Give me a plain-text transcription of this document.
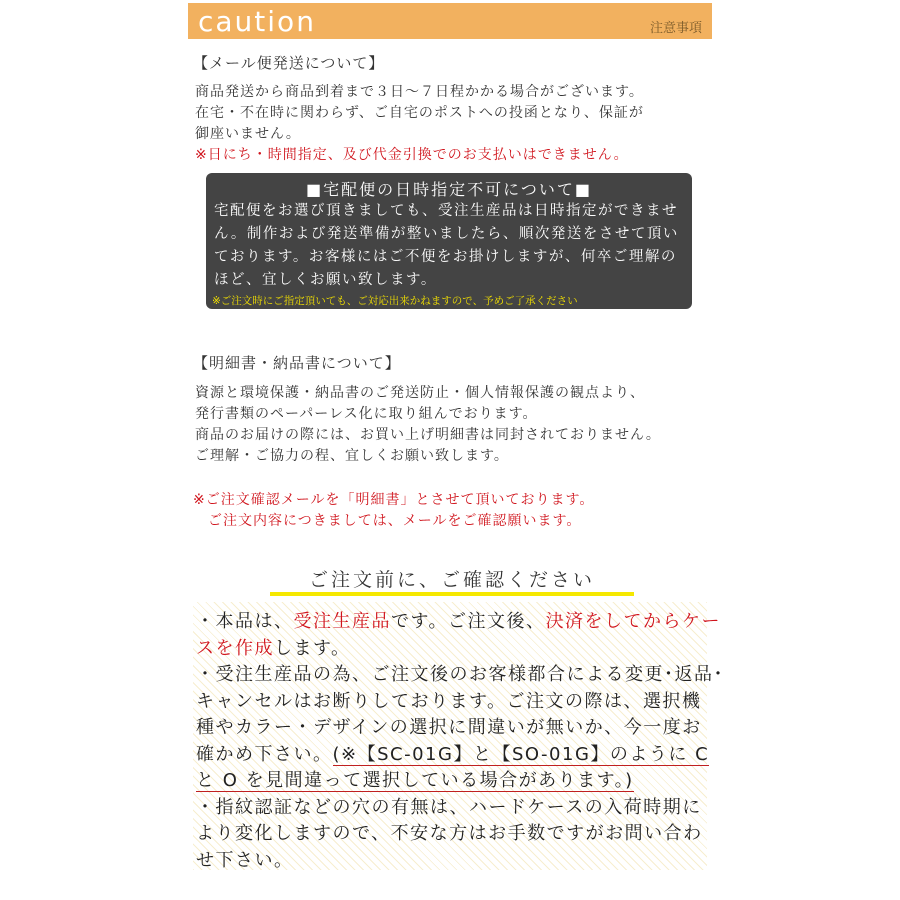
caution	注意事項
【メール便発送について】
商品発送から商品到着まで３日～７日程かかる場合がございます。
在宅・不在時に関わらず、ご自宅のポストへの投函となり、保証が
御座いません。
※日にち・時間指定、及び代金引換でのお支払いはできません。
■宅配便の日時指定不可について■
宅配便をお選び頂きましても、受注生産品は日時指定ができませ
ん。制作および発送準備が整いましたら、順次発送をさせて頂い
ております。お客様にはご不便をお掛けしますが、何卒ご理解の
ほど、宜しくお願い致します。
※ご注文時にご指定頂いても、ご対応出来かねますので、予めご了承ください
【明細書・納品書について】
資源と環境保護・納品書のご発送防止・個人情報保護の観点より、
発行書類のペーパーレス化に取り組んでおります。
商品のお届けの際には、お買い上げ明細書は同封されておりません。
ご理解・ご協力の程、宜しくお願い致します。
※ご注文確認メールを「明細書」とさせて頂いております。
　ご注文内容につきましては、メールをご確認願います。
ご注文前に、ご確認ください
・本品は、受注生産品です。ご注文後、決済をしてからケー
スを作成します。
・受注生産品の為、ご注文後のお客様都合による変更･返品･
キャンセルはお断りしております。ご注文の際は、選択機
種やカラー・デザインの選択に間違いが無いか、今一度お
確かめ下さい。(※【SC-01G】と【SO-01G】のように C
と O を見間違って選択している場合があります。)
・指紋認証などの穴の有無は、ハードケースの入荷時期に
より変化しますので、不安な方はお手数ですがお問い合わ
せ下さい。
